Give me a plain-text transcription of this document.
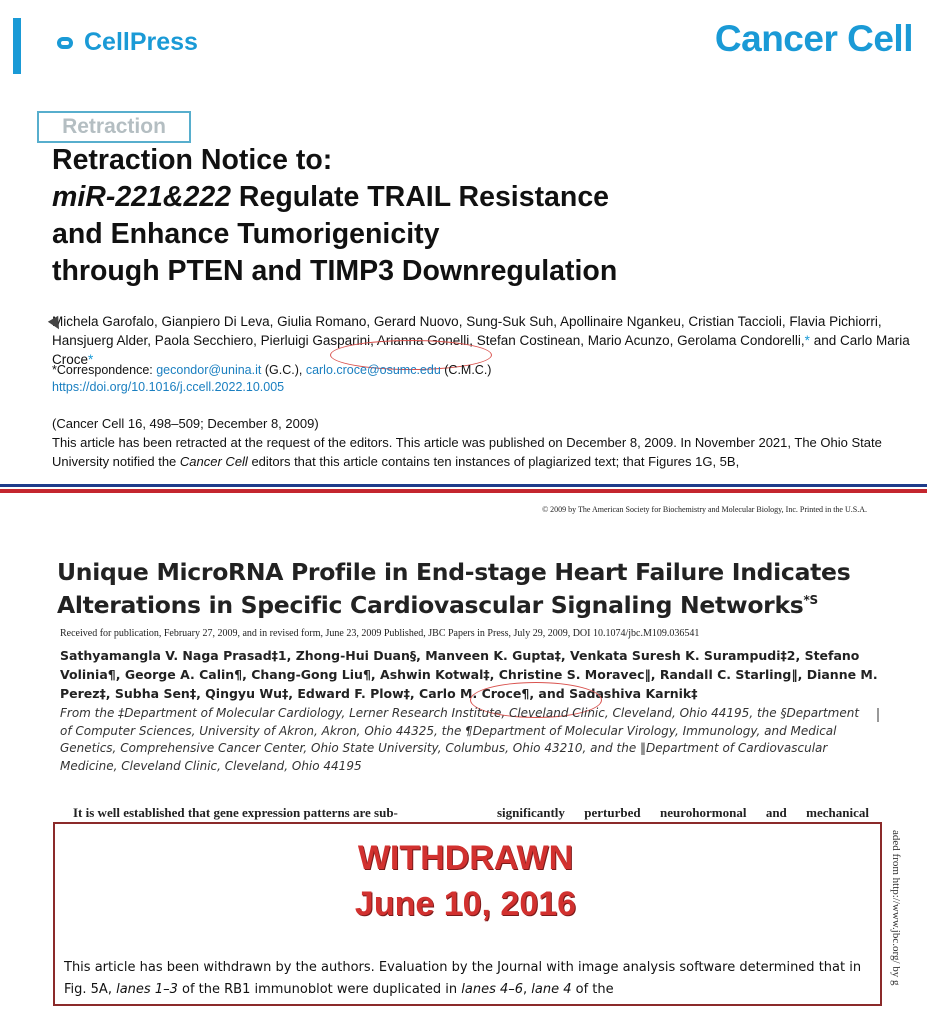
CellPress	Cancer Cell
Retraction
Retraction Notice to:
miR-221&222 Regulate TRAIL Resistance
and Enhance Tumorigenicity
through PTEN and TIMP3 Downregulation
Michela Garofalo, Gianpiero Di Leva, Giulia Romano, Gerard Nuovo, Sung-Suk Suh, Apollinaire Ngankeu, Cristian Taccioli, Flavia Pichiorri, Hansjuerg Alder, Paola Secchiero, Pierluigi Gasparini, Arianna Gonelli, Stefan Costinean, Mario Acunzo, Gerolama Condorelli,* and Carlo Maria Croce*
*Correspondence: gecondor@unina.it (G.C.), carlo.croce@osumc.edu (C.M.C.)
https://doi.org/10.1016/j.ccell.2022.10.005
(Cancer Cell 16, 498–509; December 8, 2009)
This article has been retracted at the request of the editors. This article was published on December 8, 2009. In November 2021, The Ohio State University notified the Cancer Cell editors that this article contains ten instances of plagiarized text; that Figures 1G, 5B,
© 2009 by The American Society for Biochemistry and Molecular Biology, Inc. Printed in the U.S.A.
Unique MicroRNA Profile in End-stage Heart Failure Indicates Alterations in Specific Cardiovascular Signaling Networks$^{*S}$
Received for publication, February 27, 2009, and in revised form, June 23, 2009 Published, JBC Papers in Press, July 29, 2009, DOI 10.1074/jbc.M109.036541
Sathyamangla V. Naga Prasad‡1, Zhong-Hui Duan§, Manveen K. Gupta‡, Venkata Suresh K. Surampudi‡2, Stefano Volinia¶, George A. Calin¶, Chang-Gong Liu¶, Ashwin Kotwal‡, Christine S. Moravec‖, Randall C. Starling‖, Dianne M. Perez‡, Subha Sen‡, Qingyu Wu‡, Edward F. Plow‡, Carlo M. Croce¶, and Sadashiva Karnik‡
From the ‡Department of Molecular Cardiology, Lerner Research Institute, Cleveland Clinic, Cleveland, Ohio 44195, the §Department of Computer Sciences, University of Akron, Akron, Ohio 44325, the ¶Department of Molecular Virology, Immunology, and Medical Genetics, Comprehensive Cancer Center, Ohio State University, Columbus, Ohio 43210, and the ‖Department of Cardiovascular Medicine, Cleveland Clinic, Cleveland, Ohio 44195
It is well established that gene expression patterns are sub-	significantly perturbed neurohormonal and mechanical
WITHDRAWN
June 10, 2016
This article has been withdrawn by the authors. Evaluation by the Journal with image analysis software determined that in Fig. 5A, lanes 1–3 of the RB1 immunoblot were duplicated in lanes 4–6, lane 4 of the
aded from http://www.jbc.org/ by g
